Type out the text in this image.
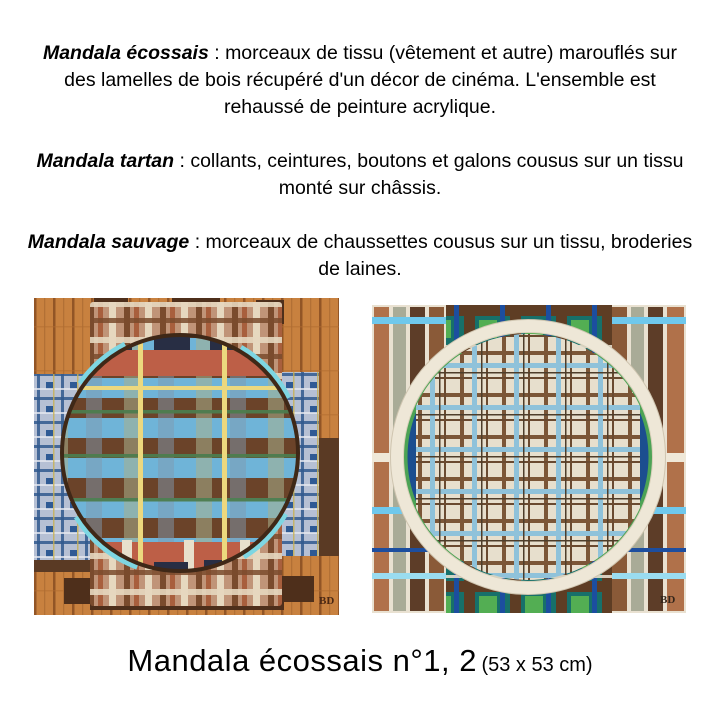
Mandala écossais : morceaux de tissu (vêtement et autre) marouflés sur des lamelles de bois récupéré d'un décor de cinéma. L'ensemble est rehaussé de peinture acrylique.

Mandala tartan : collants, ceintures, boutons et galons cousus sur un tissu monté sur châssis.

Mandala sauvage : morceaux de chaussettes cousus sur un tissu, broderies de laines.

BD	BD
Mandala écossais n°1, 2 (53 x 53 cm)
